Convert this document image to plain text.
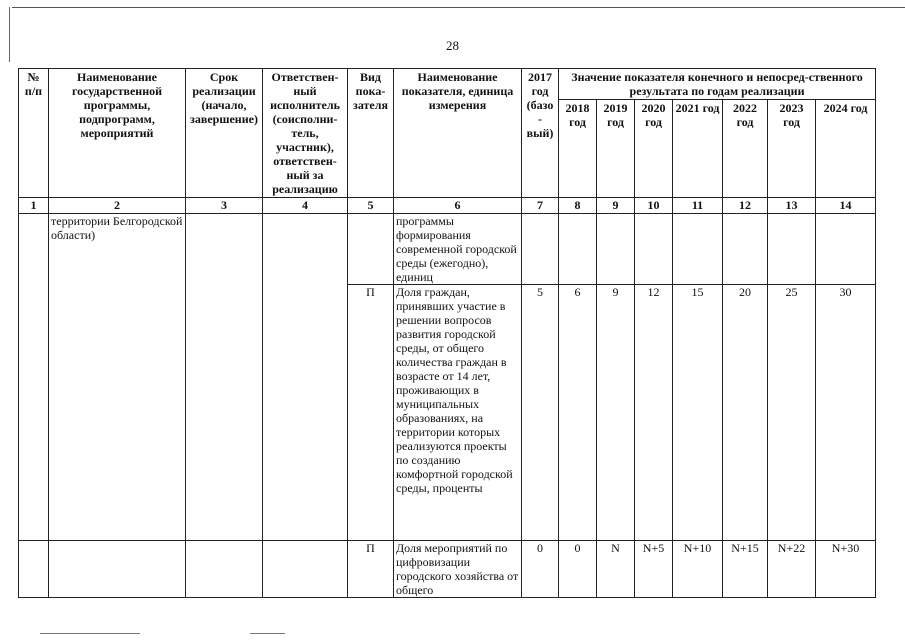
28
№ п/п	Наименование государственной программы, подпрограмм, мероприятий	Срок реализации (начало, завершение)	Ответствен-ный исполнитель (соисполни-тель, участник), ответствен-ный за реализацию	Вид пока-зателя	Наименование показателя, единица измерения	2017 год (базо - вый)	Значение показателя конечного и непосред-ственного результата по годам реализации						
							2018 год	2019 год	2020 год	2021 год	2022 год	2023 год	2024 год
1	2	3	4	5	6	7	8	9	10	11	12	13	14
	территории Белгородской области)				программы формирования современной городской среды (ежегодно), единиц								
				П	Доля граждан, принявших участие в решении вопросов развития городской среды, от общего количества граждан в возрасте от 14 лет, проживающих в муниципальных образованиях, на территории которых реализуются проекты по созданию комфортной городской среды, проценты	5	6	9	12	15	20	25	30
				П	Доля мероприятий по цифровизации городского хозяйства от общего	0	0	N	N+5	N+10	N+15	N+22	N+30
